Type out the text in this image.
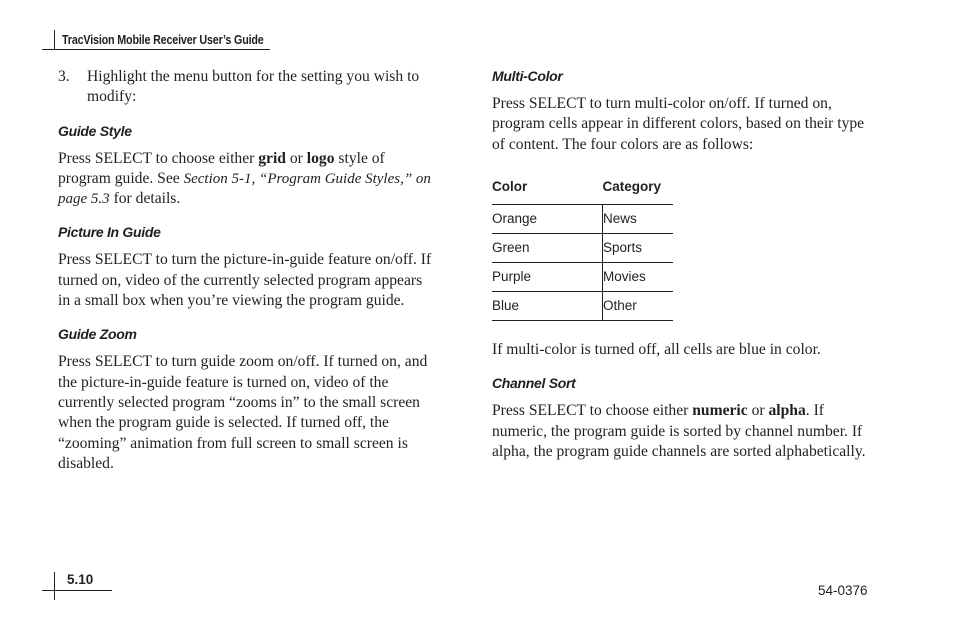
TracVision Mobile Receiver User’s Guide
3.	Highlight the menu button for the setting you wish to modify:
Guide Style

Press SELECT to choose either grid or logo style of program guide. See Section 5-1, “Program Guide Styles,” on page 5.3 for details.

Picture In Guide

Press SELECT to turn the picture-in-guide feature on/off. If turned on, video of the currently selected program appears in a small box when you’re viewing the program guide.

Guide Zoom

Press SELECT to turn guide zoom on/off. If turned on, and the picture-in-guide feature is turned on, video of the currently selected program “zooms in” to the small screen when the program guide is selected. If turned off, the “zooming” animation from full screen to small screen is disabled.

Multi-Color

Press SELECT to turn multi-color on/off. If turned on, program cells appear in different colors, based on their type of content. The four colors are as follows:

Color	Category
Orange	News
Green	Sports
Purple	Movies
Blue	Other

If multi-color is turned off, all cells are blue in color.

Channel Sort

Press SELECT to choose either numeric or alpha. If numeric, the program guide is sorted by channel number. If alpha, the program guide channels are sorted alphabetically.

5.10
54-0376
